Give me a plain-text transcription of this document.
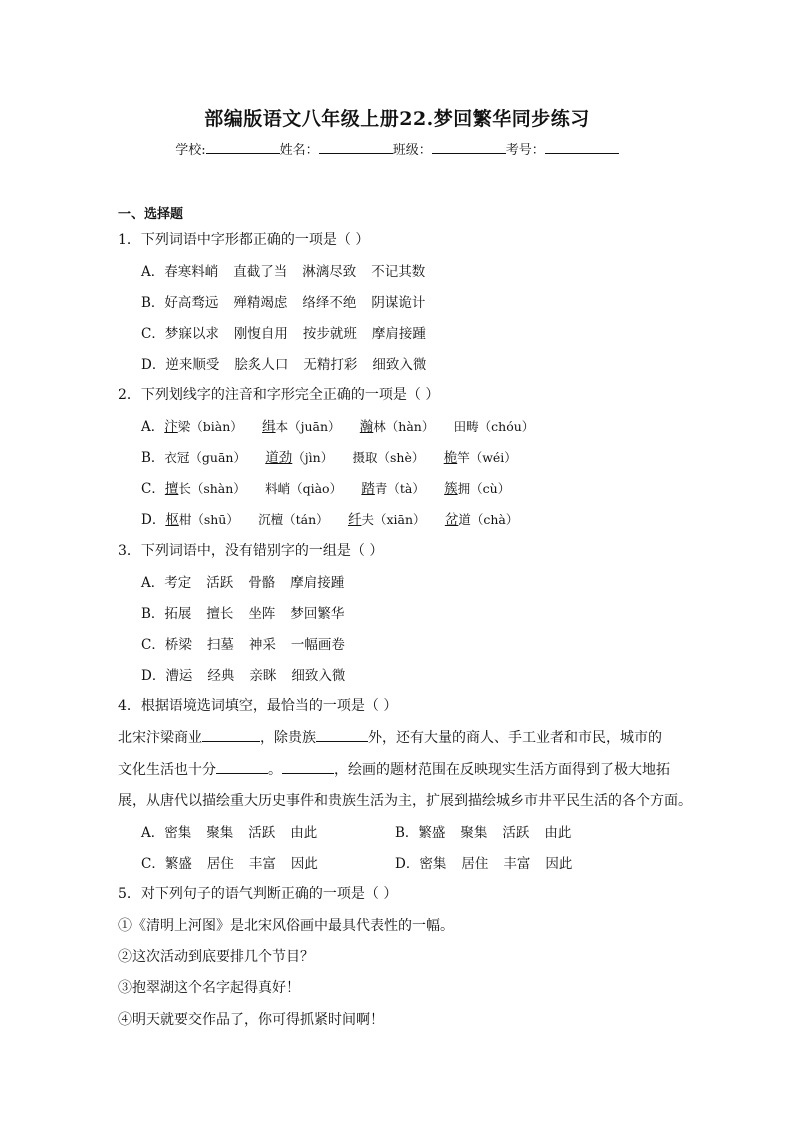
部编版语文八年级上册22.梦回繁华同步练习
学校:	姓名：	班级：	考号：
一、选择题
1．下列词语中字形都正确的一项是（ ）
A．春寒料峭 直截了当 淋漓尽致 不记其数
B．好高骛远 殚精竭虑 络绎不绝 阴谋诡计
C．梦寐以求 刚愎自用 按步就班 摩肩接踵
D．逆来顺受 脍炙人口 无精打彩 细致入微
2．下列划线字的注音和字形完全正确的一项是（ ）
A．汴梁（biàn） 缉本（juān） 瀚林（hàn） 田畴（chóu）
B．衣冠（guān） 道劲（jìn） 摄取（shè） 桅竿（wéi）
C．擅长（shàn） 料峭（qiào） 踏青（tà） 簇拥（cù）
D．枢柑（shū） 沉檀（tán） 纤夫（xiān） 岔道（chà）
3．下列词语中，没有错别字的一组是（ ）
A．考定 活跃 骨骼 摩肩接踵
B．拓展 擅长 坐阵 梦回繁华
C．桥梁 扫墓 神采 一幅画卷
D．漕运 经典 亲眯 细致入微
4．根据语境选词填空，最恰当的一项是（ ）
北宋汴梁商业	，除贵族	外，还有大量的商人、手工业者和市民，城市的
文化生活也十分	。	，绘画的题材范围在反映现实生活方面得到了极大地拓
展，从唐代以描绘重大历史事件和贵族生活为主，扩展到描绘城乡市井平民生活的各个方面。
A．密集 聚集 活跃 由此	B．繁盛 聚集 活跃 由此
C．繁盛 居住 丰富 因此	D．密集 居住 丰富 因此
5．对下列句子的语气判断正确的一项是（ ）
①《清明上河图》是北宋风俗画中最具代表性的一幅。
②这次活动到底要排几个节目？
③抱翠湖这个名字起得真好！
④明天就要交作品了，你可得抓紧时间啊！
